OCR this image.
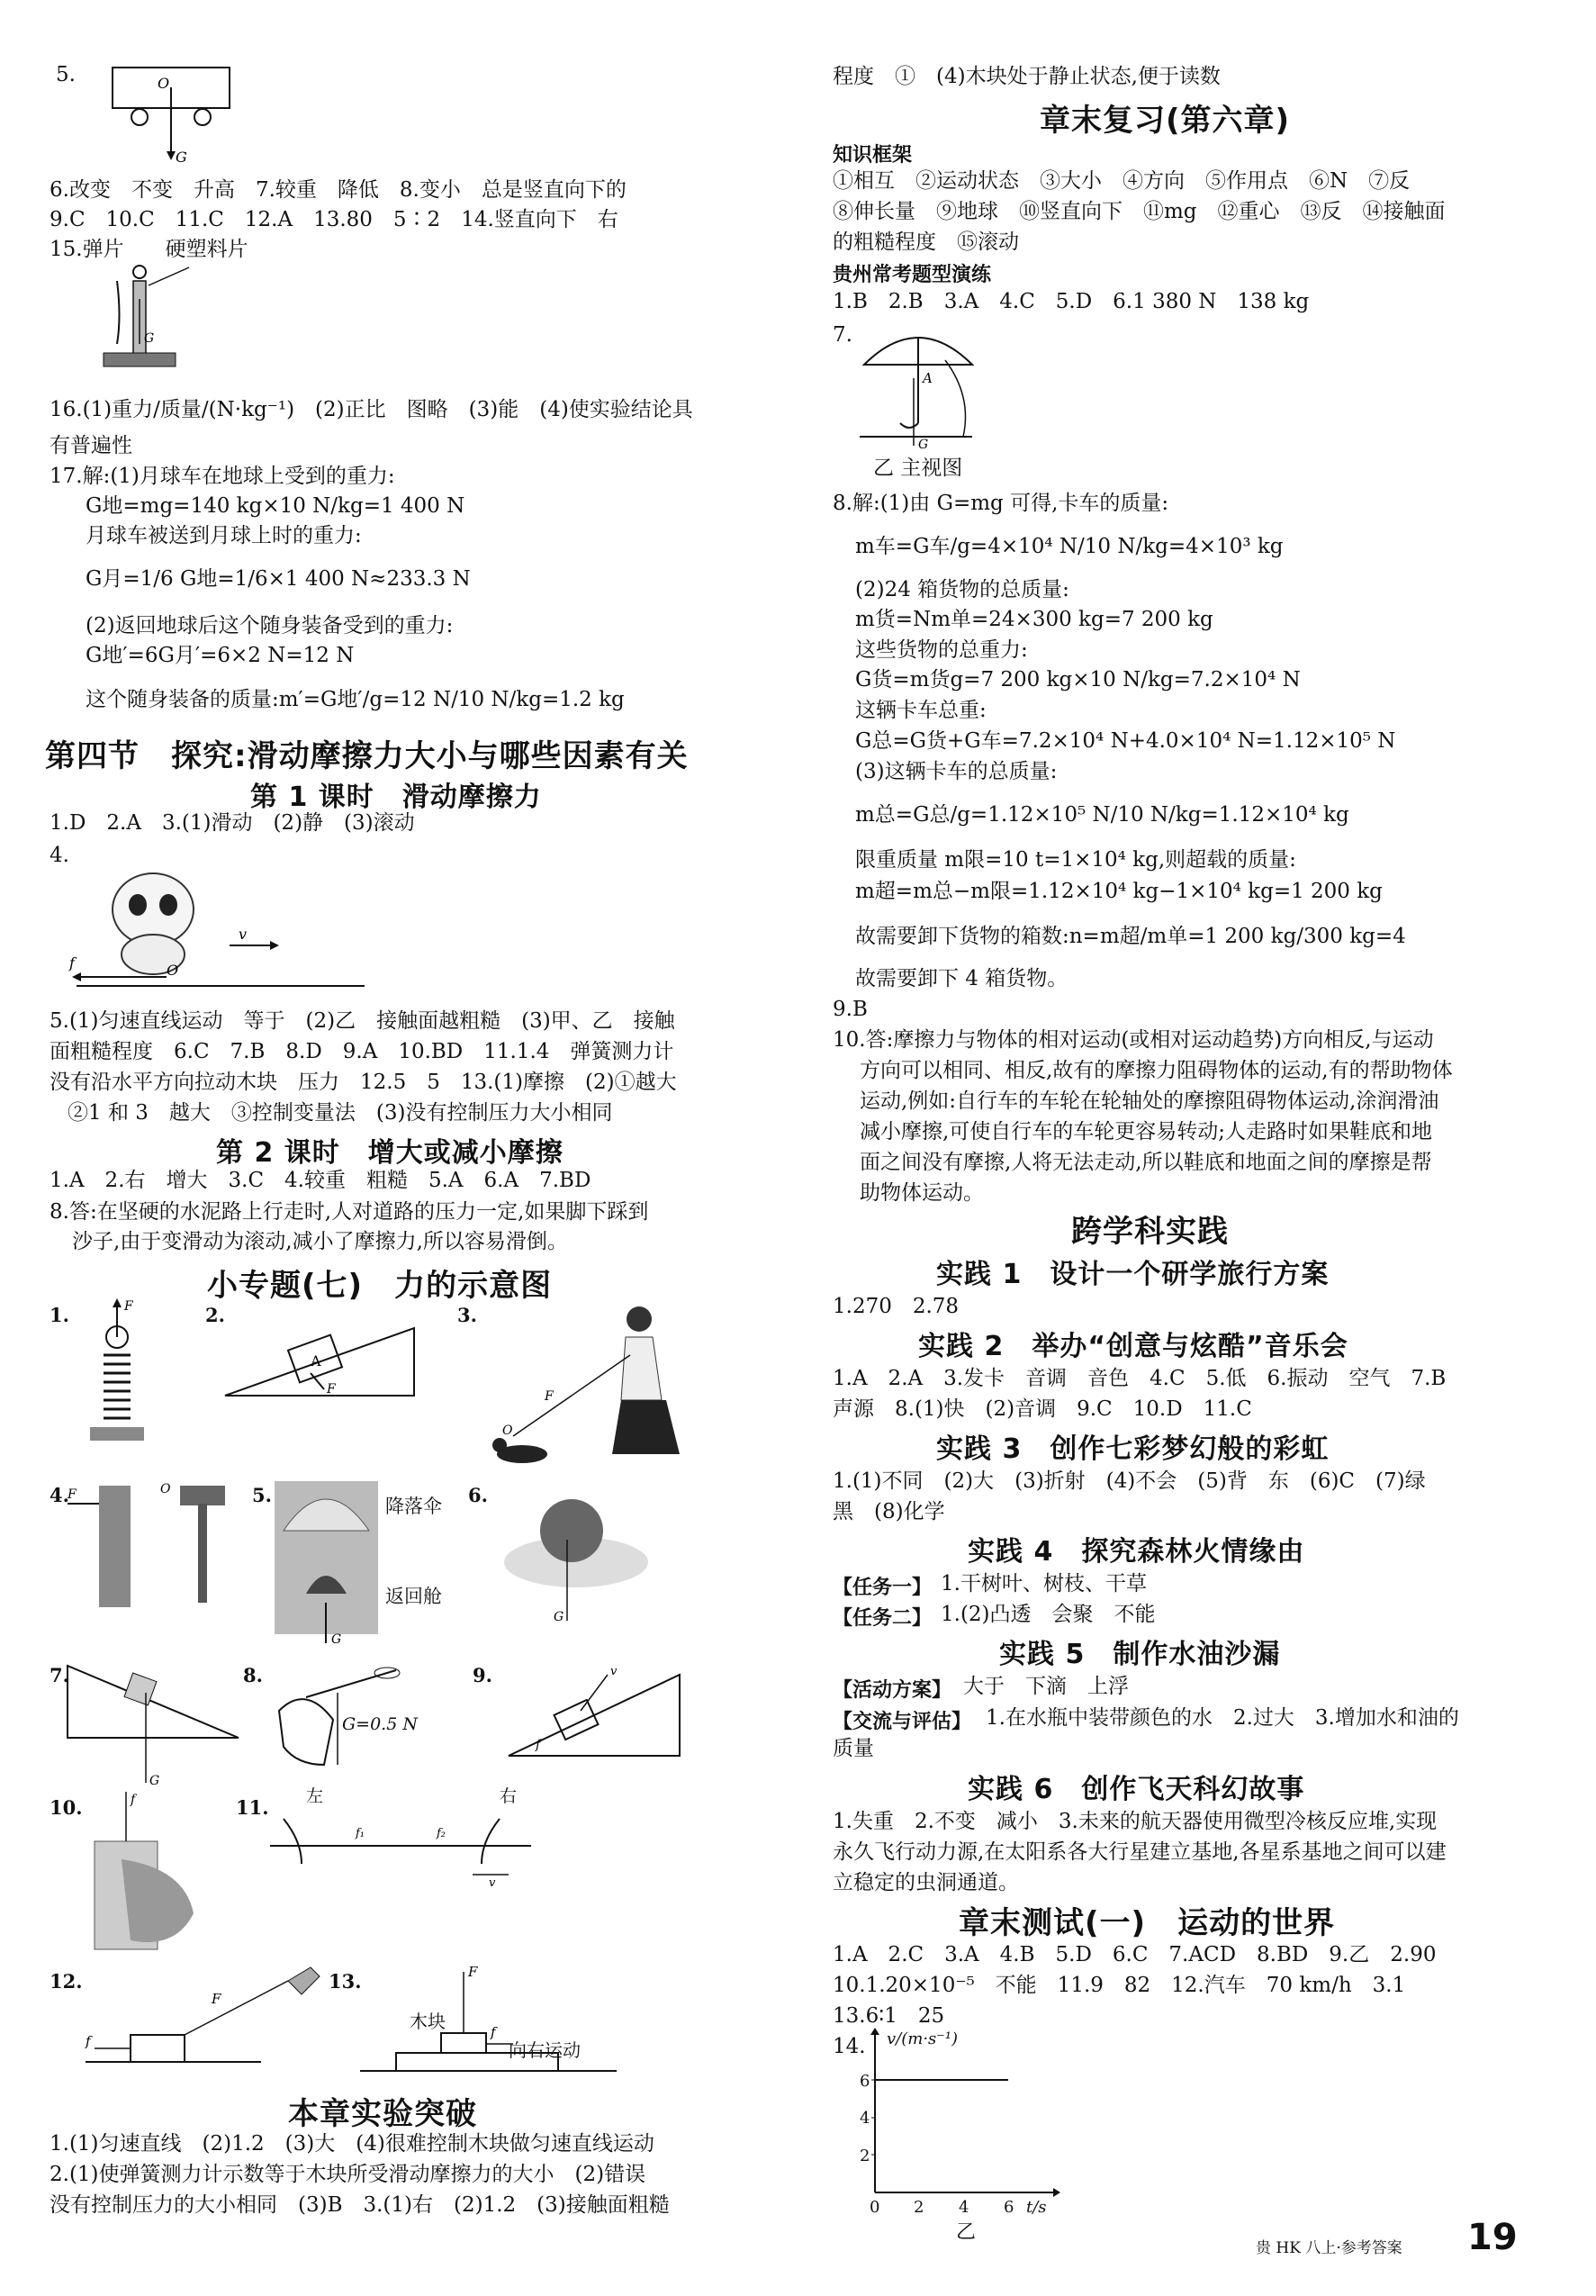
5.	O
G
6.改变　不变　升高　7.较重　降低　8.变小　总是竖直向下的
9.C　10.C　11.C　12.A　13.80　5∶2　14.竖直向下　右
15.弹片　　硬塑料片
G
16.(1)重力/质量/(N·kg⁻¹)　(2)正比　图略　(3)能　(4)使实验结论具
有普遍性
17.解:(1)月球车在地球上受到的重力:
G地=mg=140 kg×10 N/kg=1 400 N
月球车被送到月球上时的重力:
G月=1/6 G地=1/6×1 400 N≈233.3 N
(2)返回地球后这个随身装备受到的重力:
G地′=6G月′=6×2 N=12 N
这个随身装备的质量:m′=G地′/g=12 N/10 N/kg=1.2 kg
第四节　探究:滑动摩擦力大小与哪些因素有关
第 1 课时　滑动摩擦力
1.D　2.A　3.(1)滑动　(2)静　(3)滚动
4.
f	O
v
5.(1)匀速直线运动　等于　(2)乙　接触面越粗糙　(3)甲、乙　接触
面粗糙程度　6.C　7.B　8.D　9.A　10.BD　11.1.4　弹簧测力计
没有沿水平方向拉动木块　压力　12.5　5　13.(1)摩擦　(2)①越大
②1 和 3　越大　③控制变量法　(3)没有控制压力大小相同
第 2 课时　增大或减小摩擦
1.A　2.右　增大　3.C　4.较重　粗糙　5.A　6.A　7.BD
8.答:在坚硬的水泥路上行走时,人对道路的压力一定,如果脚下踩到
沙子,由于变滑动为滚动,减小了摩擦力,所以容易滑倒。
小专题(七)　力的示意图
1.	F	2.
A
F
3.
F
O
4.
F	O	5.
G
降落伞
返回舱
6.
G
7.
G
8.
G=0.5 N
9.	v
f
10.	f	11.
f₁	f₂
v
左	右
12.
F
f
13.	F
f
木块
向右运动
本章实验突破
1.(1)匀速直线　(2)1.2　(3)大　(4)很难控制木块做匀速直线运动
2.(1)使弹簧测力计示数等于木块所受滑动摩擦力的大小　(2)错误
没有控制压力的大小相同　(3)B　3.(1)右　(2)1.2　(3)接触面粗糙
程度　①　(4)木块处于静止状态,便于读数
章末复习(第六章)
知识框架
①相互　②运动状态　③大小　④方向　⑤作用点　⑥N　⑦反
⑧伸长量　⑨地球　⑩竖直向下　⑪mg　⑫重心　⑬反　⑭接触面
的粗糙程度　⑮滚动
贵州常考题型演练
1.B　2.B　3.A　4.C　5.D　6.1 380 N　138 kg
7.
A
G
乙 主视图
8.解:(1)由 G=mg 可得,卡车的质量:
m车=G车/g=4×10⁴ N/10 N/kg=4×10³ kg
(2)24 箱货物的总质量:
m货=Nm单=24×300 kg=7 200 kg
这些货物的总重力:
G货=m货g=7 200 kg×10 N/kg=7.2×10⁴ N
这辆卡车总重:
G总=G货+G车=7.2×10⁴ N+4.0×10⁴ N=1.12×10⁵ N
(3)这辆卡车的总质量:
m总=G总/g=1.12×10⁵ N/10 N/kg=1.12×10⁴ kg
限重质量 m限=10 t=1×10⁴ kg,则超载的质量:
m超=m总−m限=1.12×10⁴ kg−1×10⁴ kg=1 200 kg
故需要卸下货物的箱数:n=m超/m单=1 200 kg/300 kg=4
故需要卸下 4 箱货物。
9.B
10.答:摩擦力与物体的相对运动(或相对运动趋势)方向相反,与运动
方向可以相同、相反,故有的摩擦力阻碍物体的运动,有的帮助物体
运动,例如:自行车的车轮在轮轴处的摩擦阻碍物体运动,涂润滑油
减小摩擦,可使自行车的车轮更容易转动;人走路时如果鞋底和地
面之间没有摩擦,人将无法走动,所以鞋底和地面之间的摩擦是帮
助物体运动。
跨学科实践
实践 1　设计一个研学旅行方案
1.270　2.78
实践 2　举办“创意与炫酷”音乐会
1.A　2.A　3.发卡　音调　音色　4.C　5.低　6.振动　空气　7.B
声源　8.(1)快　(2)音调　9.C　10.D　11.C
实践 3　创作七彩梦幻般的彩虹
1.(1)不同　(2)大　(3)折射　(4)不会　(5)背　东　(6)C　(7)绿
黑　(8)化学
实践 4　探究森林火情缘由
【任务一】 1.干树叶、树枝、干草
【任务二】 1.(2)凸透　会聚　不能
实践 5　制作水油沙漏
【活动方案】 大于　下滴　上浮
【交流与评估】 1.在水瓶中装带颜色的水　2.过大　3.增加水和油的
质量
实践 6　创作飞天科幻故事
1.失重　2.不变　减小　3.未来的航天器使用微型冷核反应堆,实现
永久飞行动力源,在太阳系各大行星建立基地,各星系基地之间可以建
立稳定的虫洞通道。
章末测试(一)　运动的世界
1.A　2.C　3.A　4.B　5.D　6.C　7.ACD　8.BD　9.乙　2.90
10.1.20×10⁻⁵　不能　11.9　82　12.汽车　70 km/h　3.1
13.6∶1　25
14. v/(m·s⁻¹)
6
4
2
0 2 4 6 t/s
乙
贵 HK 八上·参考答案 19
